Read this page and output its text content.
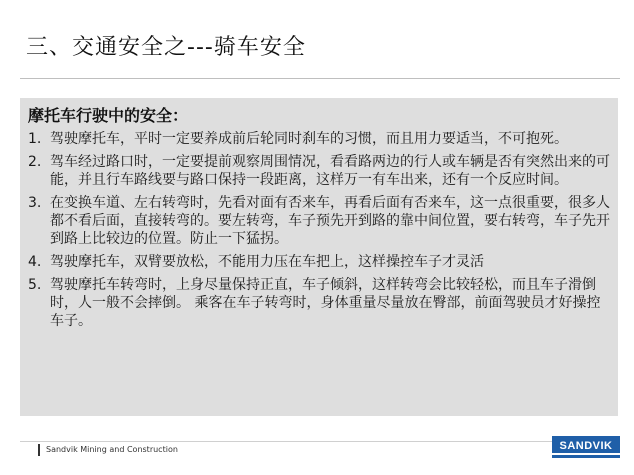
三、交通安全之---骑车安全
摩托车行驶中的安全：
1. 驾驶摩托车，平时一定要养成前后轮同时刹车的习惯，而且用力要适当，不可抱死。
2. 驾车经过路口时，一定要提前观察周围情况，看看路两边的行人或车辆是否有突然出来的可能，并且行车路线要与路口保持一段距离，这样万一有车出来，还有一个反应时间。
3. 在变换车道、左右转弯时，先看对面有否来车，再看后面有否来车，这一点很重要，很多人都不看后面，直接转弯的。要左转弯，车子预先开到路的靠中间位置，要右转弯，车子先开到路上比较边的位置。防止一下猛拐。
4. 驾驶摩托车，双臂要放松，不能用力压在车把上，这样操控车子才灵活
5. 驾驶摩托车转弯时，上身尽量保持正直，车子倾斜，这样转弯会比较轻松，而且车子滑倒时，人一般不会摔倒。 乘客在车子转弯时，身体重量尽量放在臀部，前面驾驶员才好操控车子。
Sandvik Mining and Construction	SANDVIK
